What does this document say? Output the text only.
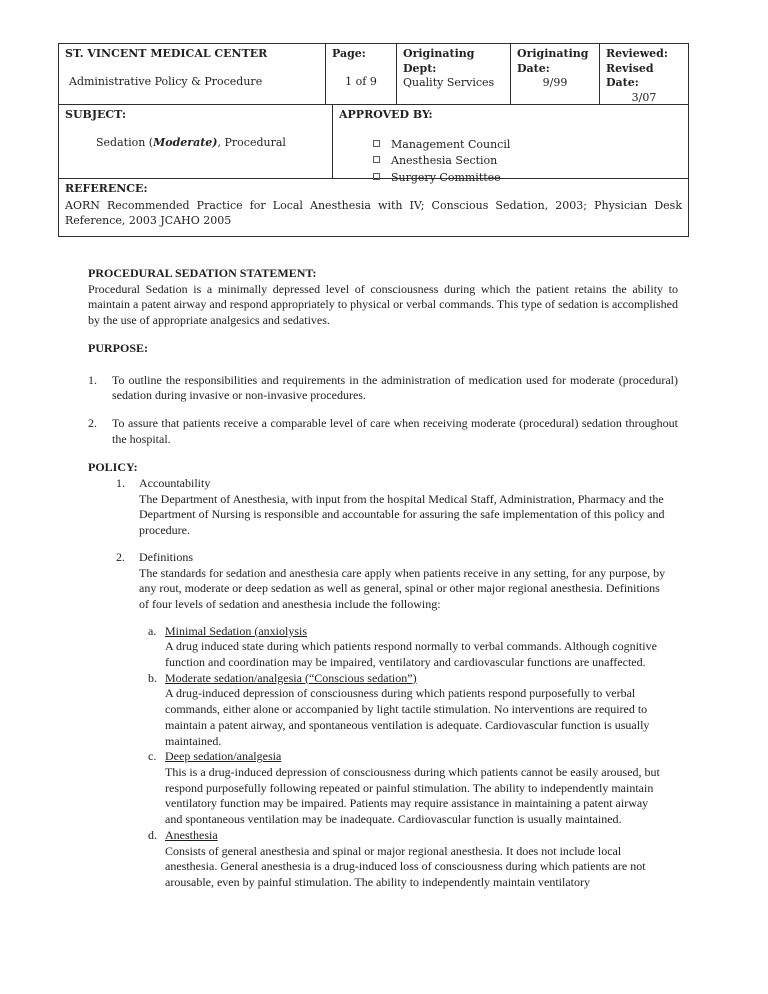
ST. VINCENT MEDICAL CENTER
Administrative Policy & Procedure
Page:
1 of 9
Originating Dept:
Quality Services
Originating Date:
9/99
Reviewed: Revised Date:
3/07
SUBJECT:
Sedation (Moderate), Procedural
APPROVED BY:
Management Council
Anesthesia Section
Surgery Committee
REFERENCE:
AORN Recommended Practice for Local Anesthesia with IV; Conscious Sedation, 2003; Physician Desk Reference, 2003 JCAHO 2005
PROCEDURAL SEDATION STATEMENT:
Procedural Sedation is a minimally depressed level of consciousness during which the patient retains the ability to maintain a patent airway and respond appropriately to physical or verbal commands. This type of sedation is accomplished by the use of appropriate analgesics and sedatives.
PURPOSE:
1.	To outline the responsibilities and requirements in the administration of medication used for moderate (procedural) sedation during invasive or non-invasive procedures.
2.	To assure that patients receive a comparable level of care when receiving moderate (procedural) sedation throughout the hospital.
POLICY:
1.	Accountability
The Department of Anesthesia, with input from the hospital Medical Staff, Administration, Pharmacy and the Department of Nursing is responsible and accountable for assuring the safe implementation of this policy and procedure.
2.	Definitions
The standards for sedation and anesthesia care apply when patients receive in any setting, for any purpose, by any rout, moderate or deep sedation as well as general, spinal or other major regional anesthesia. Definitions of four levels of sedation and anesthesia include the following:
a. Minimal Sedation (anxiolysis
A drug induced state during which patients respond normally to verbal commands. Although cognitive function and coordination may be impaired, ventilatory and cardiovascular functions are unaffected.
b. Moderate sedation/analgesia (“Conscious sedation”)
A drug-induced depression of consciousness during which patients respond purposefully to verbal commands, either alone or accompanied by light tactile stimulation. No interventions are required to maintain a patent airway, and spontaneous ventilation is adequate. Cardiovascular function is usually maintained.
c. Deep sedation/analgesia
This is a drug-induced depression of consciousness during which patients cannot be easily aroused, but respond purposefully following repeated or painful stimulation. The ability to independently maintain ventilatory function may be impaired. Patients may require assistance in maintaining a patent airway and spontaneous ventilation may be inadequate. Cardiovascular function is usually maintained.
d. Anesthesia
Consists of general anesthesia and spinal or major regional anesthesia. It does not include local anesthesia. General anesthesia is a drug-induced loss of consciousness during which patients are not arousable, even by painful stimulation. The ability to independently maintain ventilatory
